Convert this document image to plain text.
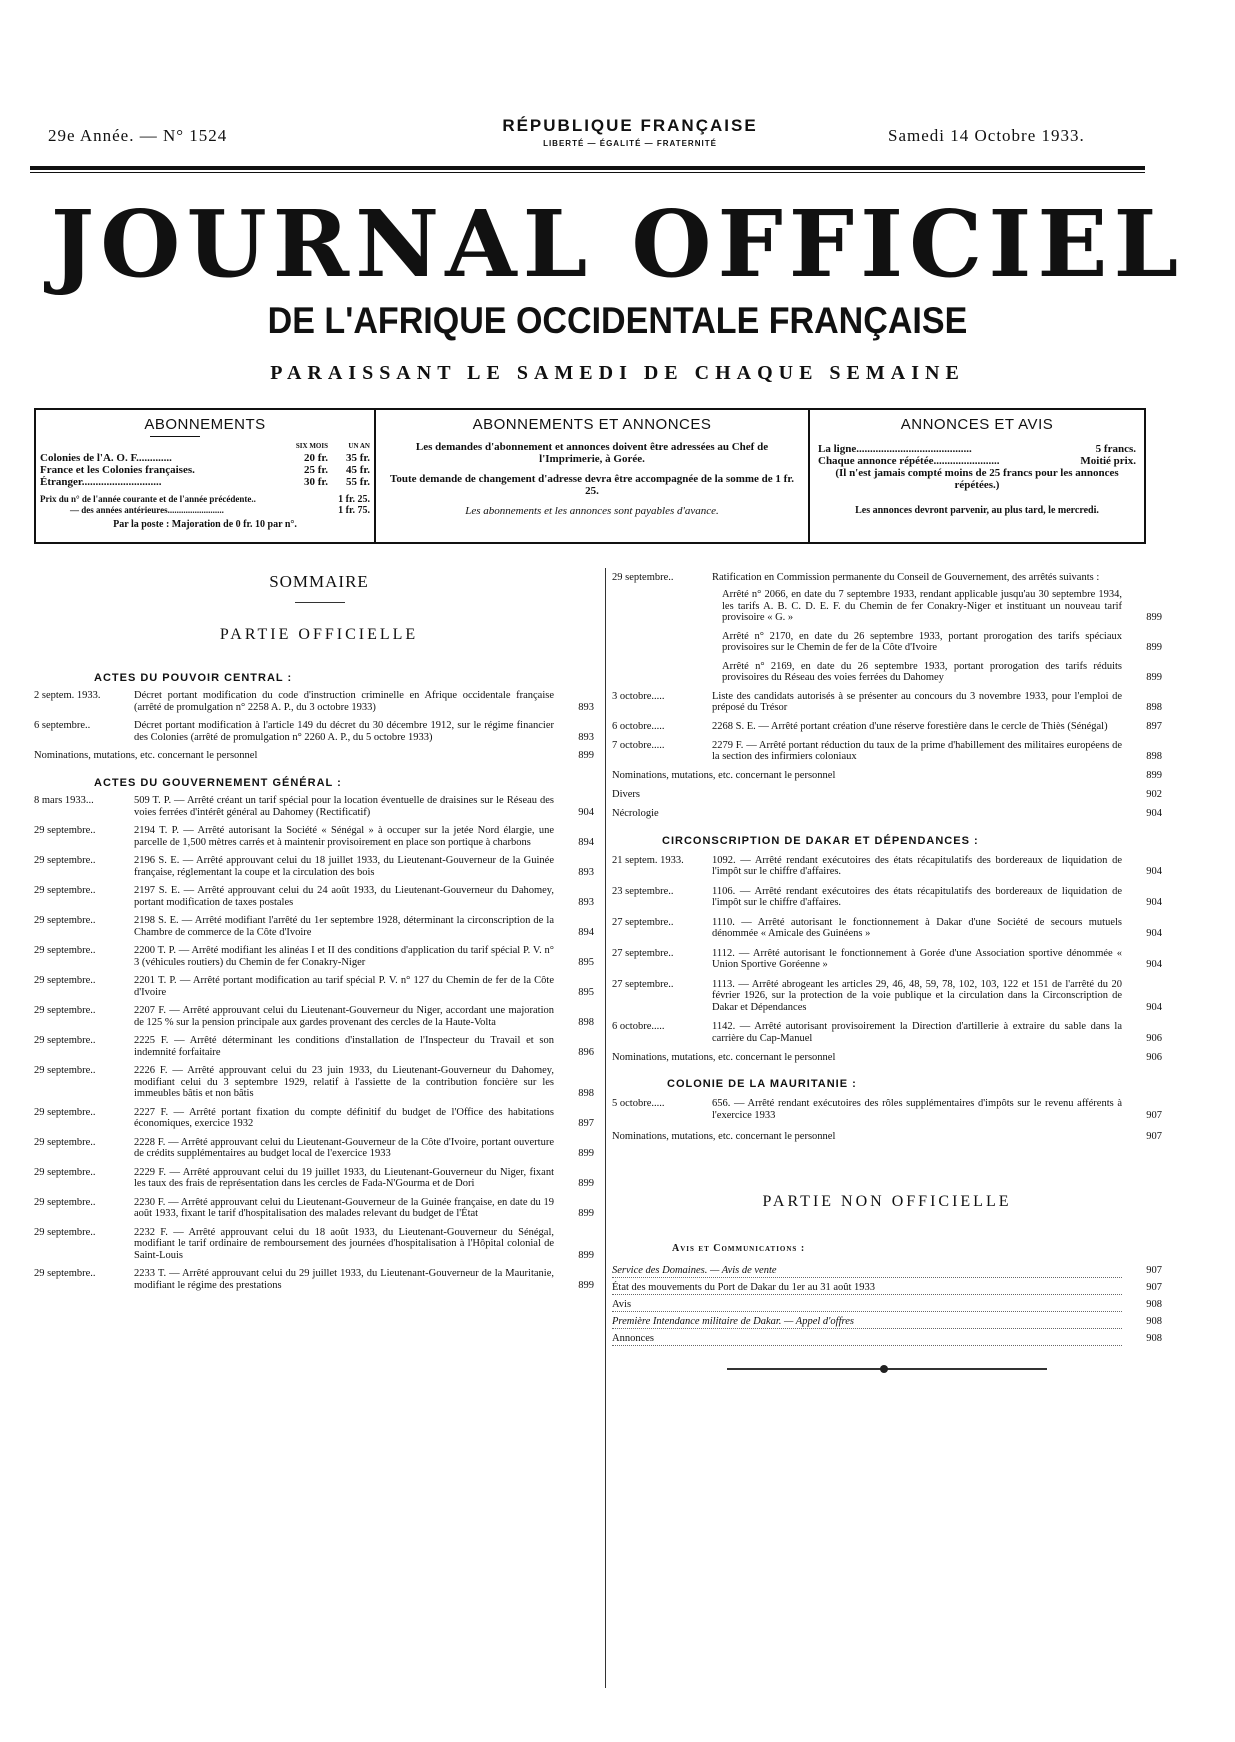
29e Année. — N° 1524
RÉPUBLIQUE FRANÇAISE
LIBERTÉ — ÉGALITÉ — FRATERNITÉ	Samedi 14 Octobre 1933.
JOURNAL OFFICIEL
DE L'AFRIQUE OCCIDENTALE FRANÇAISE
PARAISSANT LE SAMEDI DE CHAQUE SEMAINE
ABONNEMENTS
	SIX MOIS	UN AN
Colonies de l'A. O. F.............	20 fr.	35 fr.
France et les Colonies françaises.	25 fr.	45 fr.
Étranger.............................	30 fr.	55 fr.
Prix du n° de l'année courante et de l'année précédente..	1 fr. 25.
— des années antérieures.........................	1 fr. 75.
Par la poste : Majoration de 0 fr. 10 par n°.
ABONNEMENTS ET ANNONCES

Les demandes d'abonnement et annonces doivent être adressées au Chef de l'Imprimerie, à Gorée.

Toute demande de changement d'adresse devra être accompagnée de la somme de 1 fr. 25.

Les abonnements et les annonces sont payables d'avance.

ANNONCES ET AVIS
La ligne..........................................	5 francs.
Chaque annonce répétée........................	Moitié prix.
(Il n'est jamais compté moins de 25 francs pour les annonces répétées.)
Les annonces devront parvenir, au plus tard, le mercredi.
SOMMAIRE
PARTIE OFFICIELLE
ACTES DU POUVOIR CENTRAL :
2 septem. 1933.	Décret portant modification du code d'instruction criminelle en Afrique occidentale française (arrêté de promulgation n° 2258 A. P., du 3 octobre 1933)	893
6 septembre..	Décret portant modification à l'article 149 du décret du 30 décembre 1912, sur le régime financier des Colonies (arrêté de promulgation n° 2260 A. P., du 5 octobre 1933)	893
Nominations, mutations, etc. concernant le personnel	899
ACTES DU GOUVERNEMENT GÉNÉRAL :
8 mars 1933...	509 T. P. — Arrêté créant un tarif spécial pour la location éventuelle de draisines sur le Réseau des voies ferrées d'intérêt général au Dahomey (Rectificatif)	904
29 septembre..	2194 T. P. — Arrêté autorisant la Société « Sénégal » à occuper sur la jetée Nord élargie, une parcelle de 1,500 mètres carrés et à maintenir provisoirement en place son portique à charbons	894
29 septembre..	2196 S. E. — Arrêté approuvant celui du 18 juillet 1933, du Lieutenant-Gouverneur de la Guinée française, réglementant la coupe et la circulation des bois	893
29 septembre..	2197 S. E. — Arrêté approuvant celui du 24 août 1933, du Lieutenant-Gouverneur du Dahomey, portant modification de taxes postales	893
29 septembre..	2198 S. E. — Arrêté modifiant l'arrêté du 1er septembre 1928, déterminant la circonscription de la Chambre de commerce de la Côte d'Ivoire	894
29 septembre..	2200 T. P. — Arrêté modifiant les alinéas I et II des conditions d'application du tarif spécial P. V. n° 3 (véhicules routiers) du Chemin de fer Conakry-Niger	895
29 septembre..	2201 T. P. — Arrêté portant modification au tarif spécial P. V. n° 127 du Chemin de fer de la Côte d'Ivoire	895
29 septembre..	2207 F. — Arrêté approuvant celui du Lieutenant-Gouverneur du Niger, accordant une majoration de 125 % sur la pension principale aux gardes provenant des cercles de la Haute-Volta	898
29 septembre..	2225 F. — Arrêté déterminant les conditions d'installation de l'Inspecteur du Travail et son indemnité forfaitaire	896
29 septembre..	2226 F. — Arrêté approuvant celui du 23 juin 1933, du Lieutenant-Gouverneur du Dahomey, modifiant celui du 3 septembre 1929, relatif à l'assiette de la contribution foncière sur les immeubles bâtis et non bâtis	898
29 septembre..	2227 F. — Arrêté portant fixation du compte définitif du budget de l'Office des habitations économiques, exercice 1932	897
29 septembre..	2228 F. — Arrêté approuvant celui du Lieutenant-Gouverneur de la Côte d'Ivoire, portant ouverture de crédits supplémentaires au budget local de l'exercice 1933	899
29 septembre..	2229 F. — Arrêté approuvant celui du 19 juillet 1933, du Lieutenant-Gouverneur du Niger, fixant les taux des frais de représentation dans les cercles de Fada-N'Gourma et de Dori	899
29 septembre..	2230 F. — Arrêté approuvant celui du Lieutenant-Gouverneur de la Guinée française, en date du 19 août 1933, fixant le tarif d'hospitalisation des malades relevant du budget de l'État	899
29 septembre..	2232 F. — Arrêté approuvant celui du 18 août 1933, du Lieutenant-Gouverneur du Sénégal, modifiant le tarif ordinaire de remboursement des journées d'hospitalisation à l'Hôpital colonial de Saint-Louis	899
29 septembre..	2233 T. — Arrêté approuvant celui du 29 juillet 1933, du Lieutenant-Gouverneur de la Mauritanie, modifiant le régime des prestations	899
29 septembre..	Ratification en Commission permanente du Conseil de Gouvernement, des arrêtés suivants :
Arrêté n° 2066, en date du 7 septembre 1933, rendant applicable jusqu'au 30 septembre 1934, les tarifs A. B. C. D. E. F. du Chemin de fer Conakry-Niger et instituant un nouveau tarif provisoire « G. »	899
Arrêté n° 2170, en date du 26 septembre 1933, portant prorogation des tarifs spéciaux provisoires sur le Chemin de fer de la Côte d'Ivoire	899
Arrêté n° 2169, en date du 26 septembre 1933, portant prorogation des tarifs réduits provisoires du Réseau des voies ferrées du Dahomey	899
3 octobre.....	Liste des candidats autorisés à se présenter au concours du 3 novembre 1933, pour l'emploi de préposé du Trésor	898
6 octobre.....	2268 S. E. — Arrêté portant création d'une réserve forestière dans le cercle de Thiès (Sénégal)	897
7 octobre.....	2279 F. — Arrêté portant réduction du taux de la prime d'habillement des militaires européens de la section des infirmiers coloniaux	898
Nominations, mutations, etc. concernant le personnel	899
Divers	902
Nécrologie	904
CIRCONSCRIPTION DE DAKAR ET DÉPENDANCES :
21 septem. 1933.	1092. — Arrêté rendant exécutoires des états récapitulatifs des bordereaux de liquidation de l'impôt sur le chiffre d'affaires.	904
23 septembre..	1106. — Arrêté rendant exécutoires des états récapitulatifs des bordereaux de liquidation de l'impôt sur le chiffre d'affaires.	904
27 septembre..	1110. — Arrêté autorisant le fonctionnement à Dakar d'une Société de secours mutuels dénommée « Amicale des Guinéens »	904
27 septembre..	1112. — Arrêté autorisant le fonctionnement à Gorée d'une Association sportive dénommée « Union Sportive Goréenne »	904
27 septembre..	1113. — Arrêté abrogeant les articles 29, 46, 48, 59, 78, 102, 103, 122 et 151 de l'arrêté du 20 février 1926, sur la protection de la voie publique et la circulation dans la Circonscription de Dakar et Dépendances	904
6 octobre.....	1142. — Arrêté autorisant provisoirement la Direction d'artillerie à extraire du sable dans la carrière du Cap-Manuel	906
Nominations, mutations, etc. concernant le personnel	906
COLONIE DE LA MAURITANIE :
5 octobre.....	656. — Arrêté rendant exécutoires des rôles supplémentaires d'impôts sur le revenu afférents à l'exercice 1933	907
Nominations, mutations, etc. concernant le personnel	907
PARTIE NON OFFICIELLE
Avis et Communications :
Service des Domaines. — Avis de vente	907
État des mouvements du Port de Dakar du 1er au 31 août 1933	907
Avis	908
Première Intendance militaire de Dakar. — Appel d'offres	908
Annonces	908
